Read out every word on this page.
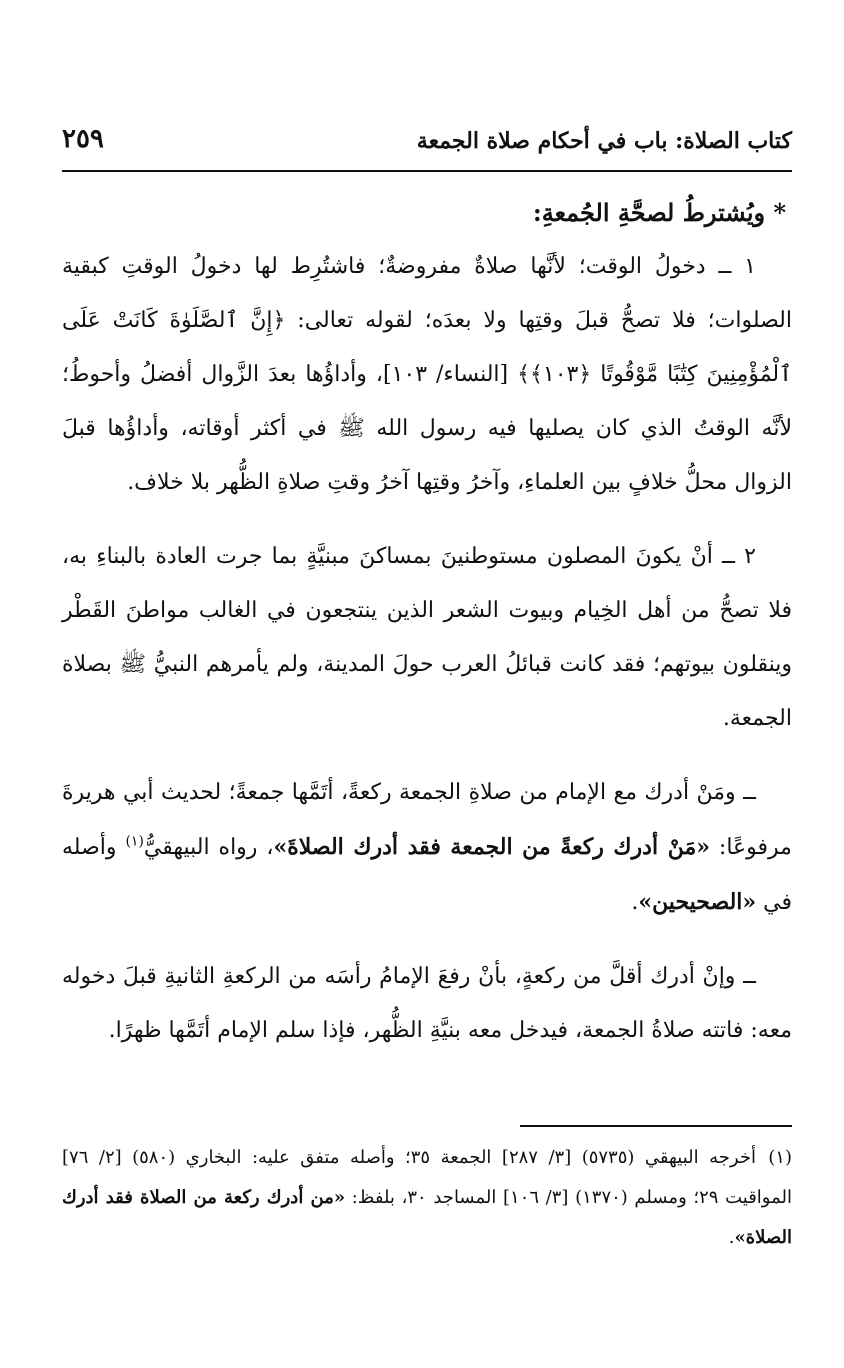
كتاب الصلاة: باب في أحكام صلاة الجمعة
٢٥٩

* ويُشترطُ لصحَّةِ الجُمعةِ:

١ ــ دخولُ الوقت؛ لأنَّها صلاةٌ مفروضةٌ؛ فاشتُرِط لها دخولُ الوقتِ كبقية الصلوات؛ فلا تصحُّ قبلَ وقتِها ولا بعدَه؛ لقوله تعالى: ﴿إِنَّ ٱلصَّلَوٰةَ كَانَتْ عَلَى ٱلْمُؤْمِنِينَ كِتَٰبًا مَّوْقُوتًا ﴿١٠٣﴾﴾ [النساء/ ١٠٣]، وأداؤُها بعدَ الزَّوال أفضلُ وأحوطُ؛ لأنَّه الوقتُ الذي كان يصليها فيه رسول الله ﷺ في أكثر أوقاته، وأداؤُها قبلَ الزوال محلُّ خلافٍ بين العلماءِ، وآخرُ وقتِها آخرُ وقتِ صلاةِ الظُّهر بلا خلاف.

٢ ــ أنْ يكونَ المصلون مستوطنينَ بمساكنَ مبنيَّةٍ بما جرت العادة بالبناءِ به، فلا تصحُّ من أهل الخِيام وبيوت الشعر الذين ينتجعون في الغالب مواطنَ القَطْر وينقلون بيوتهم؛ فقد كانت قبائلُ العرب حولَ المدينة، ولم يأمرهم النبيُّ ﷺ بصلاة الجمعة.

ــ ومَنْ أدرك مع الإمام من صلاةِ الجمعة ركعةً، أتَمَّها جمعةً؛ لحديث أبي هريرةَ مرفوعًا: «مَنْ أدرك ركعةً من الجمعة فقد أدرك الصلاةَ»، رواه البيهقيُّ$^{(١)}$ وأصله في «الصحيحين».

ــ وإنْ أدرك أقلَّ من ركعةٍ، بأنْ رفعَ الإمامُ رأسَه من الركعةِ الثانيةِ قبلَ دخوله معه: فاتته صلاةُ الجمعة، فيدخل معه بنيَّةِ الظُّهر، فإذا سلم الإمام أتَمَّها ظهرًا.

(١)أخرجه البيهقي (٥٧٣٥) [٣/ ٢٨٧] الجمعة ٣٥؛ وأصله متفق عليه: البخاري (٥٨٠) [٢/ ٧٦] المواقيت ٢٩؛ ومسلم (١٣٧٠) [٣/ ١٠٦] المساجد ٣٠، بلفظ: «من أدرك ركعة من الصلاة فقد أدرك الصلاة».
